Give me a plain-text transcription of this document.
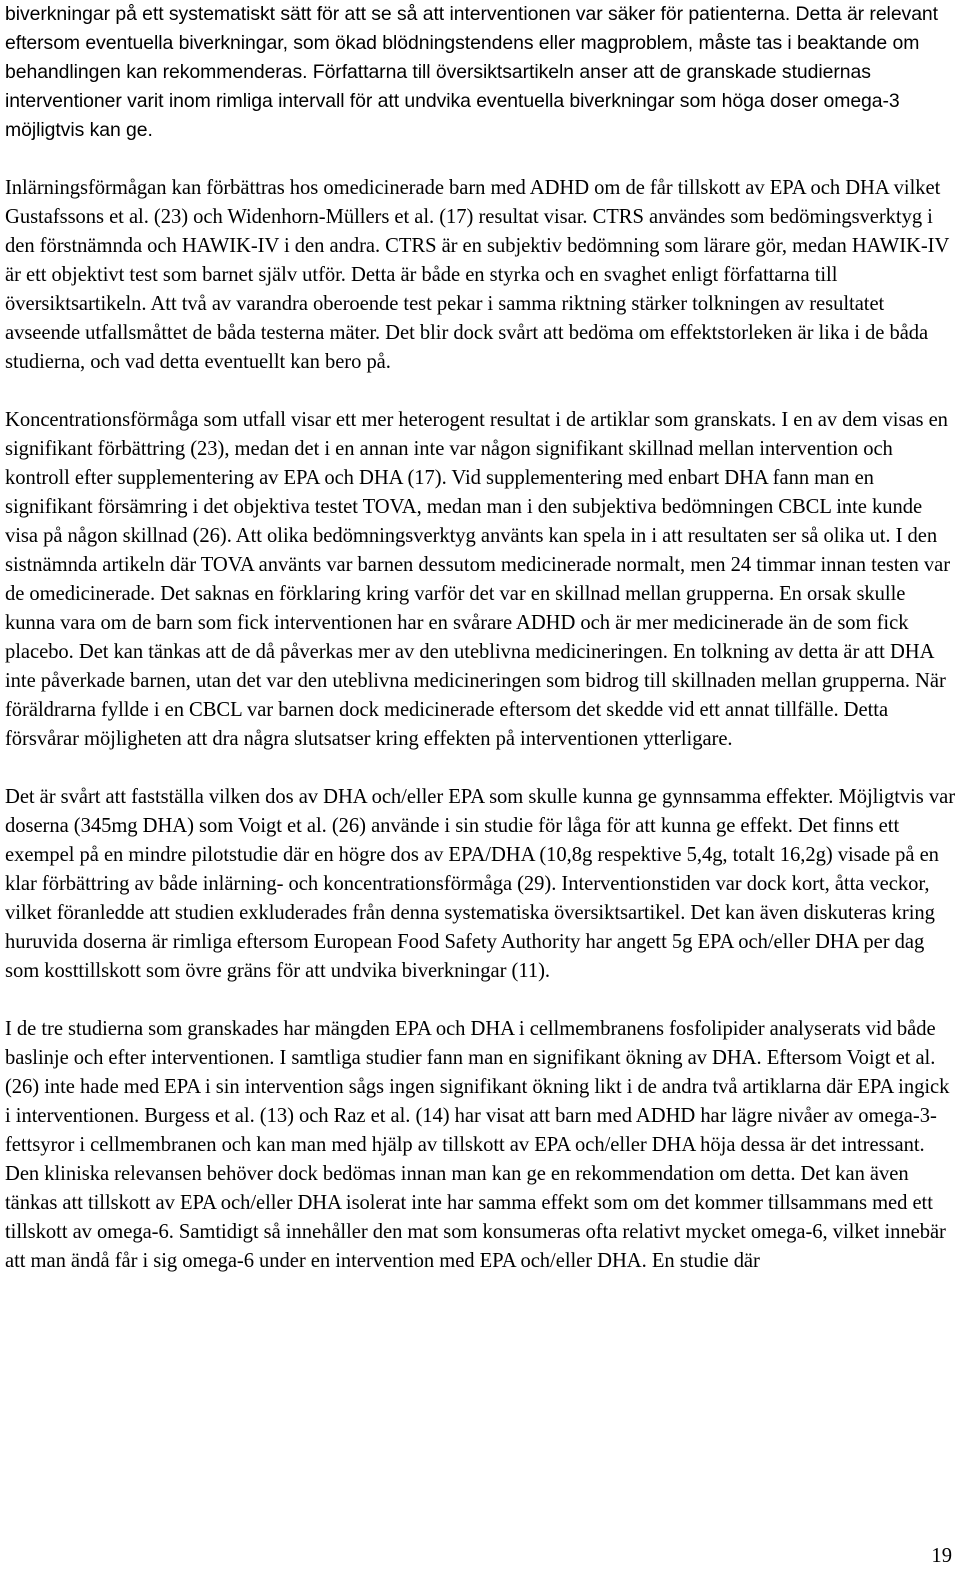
biverkningar på ett systematiskt sätt för att se så att interventionen var säker för patienterna. Detta är relevant eftersom eventuella biverkningar, som ökad blödningstendens eller magproblem, måste tas i beaktande om behandlingen kan rekommenderas. Författarna till översiktsartikeln anser att de granskade studiernas interventioner varit inom rimliga intervall för att undvika eventuella biverkningar som höga doser omega-3 möjligtvis kan ge.

Inlärningsförmågan kan förbättras hos omedicinerade barn med ADHD om de får tillskott av EPA och DHA vilket Gustafssons et al. (23) och Widenhorn-Müllers et al. (17) resultat visar. CTRS användes som bedömingsverktyg i den förstnämnda och HAWIK-IV i den andra. CTRS är en subjektiv bedömning som lärare gör, medan HAWIK-IV är ett objektivt test som barnet själv utför. Detta är både en styrka och en svaghet enligt författarna till översiktsartikeln. Att två av varandra oberoende test pekar i samma riktning stärker tolkningen av resultatet avseende utfallsmåttet de båda testerna mäter. Det blir dock svårt att bedöma om effektstorleken är lika i de båda studierna, och vad detta eventuellt kan bero på.

Koncentrationsförmåga som utfall visar ett mer heterogent resultat i de artiklar som granskats. I en av dem visas en signifikant förbättring (23), medan det i en annan inte var någon signifikant skillnad mellan intervention och kontroll efter supplementering av EPA och DHA (17). Vid supplementering med enbart DHA fann man en signifikant försämring i det objektiva testet TOVA, medan man i den subjektiva bedömningen CBCL inte kunde visa på någon skillnad (26). Att olika bedömningsverktyg använts kan spela in i att resultaten ser så olika ut. I den sistnämnda artikeln där TOVA använts var barnen dessutom medicinerade normalt, men 24 timmar innan testen var de omedicinerade. Det saknas en förklaring kring varför det var en skillnad mellan grupperna. En orsak skulle kunna vara om de barn som fick interventionen har en svårare ADHD och är mer medicinerade än de som fick placebo. Det kan tänkas att de då påverkas mer av den uteblivna medicineringen. En tolkning av detta är att DHA inte påverkade barnen, utan det var den uteblivna medicineringen som bidrog till skillnaden mellan grupperna. När föräldrarna fyllde i en CBCL var barnen dock medicinerade eftersom det skedde vid ett annat tillfälle. Detta försvårar möjligheten att dra några slutsatser kring effekten på interventionen ytterligare.

Det är svårt att fastställa vilken dos av DHA och/eller EPA som skulle kunna ge gynnsamma effekter. Möjligtvis var doserna (345mg DHA) som Voigt et al. (26) använde i sin studie för låga för att kunna ge effekt. Det finns ett exempel på en mindre pilotstudie där en högre dos av EPA/DHA (10,8g respektive 5,4g, totalt 16,2g) visade på en klar förbättring av både inlärning- och koncentrationsförmåga (29). Interventionstiden var dock kort, åtta veckor, vilket föranledde att studien exkluderades från denna systematiska översiktsartikel. Det kan även diskuteras kring huruvida doserna är rimliga eftersom European Food Safety Authority har angett 5g EPA och/eller DHA per dag som kosttillskott som övre gräns för att undvika biverkningar (11).

I de tre studierna som granskades har mängden EPA och DHA i cellmembranens fosfolipider analyserats vid både baslinje och efter interventionen. I samtliga studier fann man en signifikant ökning av DHA. Eftersom Voigt et al. (26) inte hade med EPA i sin intervention sågs ingen signifikant ökning likt i de andra två artiklarna där EPA ingick i interventionen. Burgess et al. (13) och Raz et al. (14) har visat att barn med ADHD har lägre nivåer av omega-3-fettsyror i cellmembranen och kan man med hjälp av tillskott av EPA och/eller DHA höja dessa är det intressant. Den kliniska relevansen behöver dock bedömas innan man kan ge en rekommendation om detta. Det kan även tänkas att tillskott av EPA och/eller DHA isolerat inte har samma effekt som om det kommer tillsammans med ett tillskott av omega-6. Samtidigt så innehåller den mat som konsumeras ofta relativt mycket omega-6, vilket innebär att man ändå får i sig omega-6 under en intervention med EPA och/eller DHA. En studie där

19
